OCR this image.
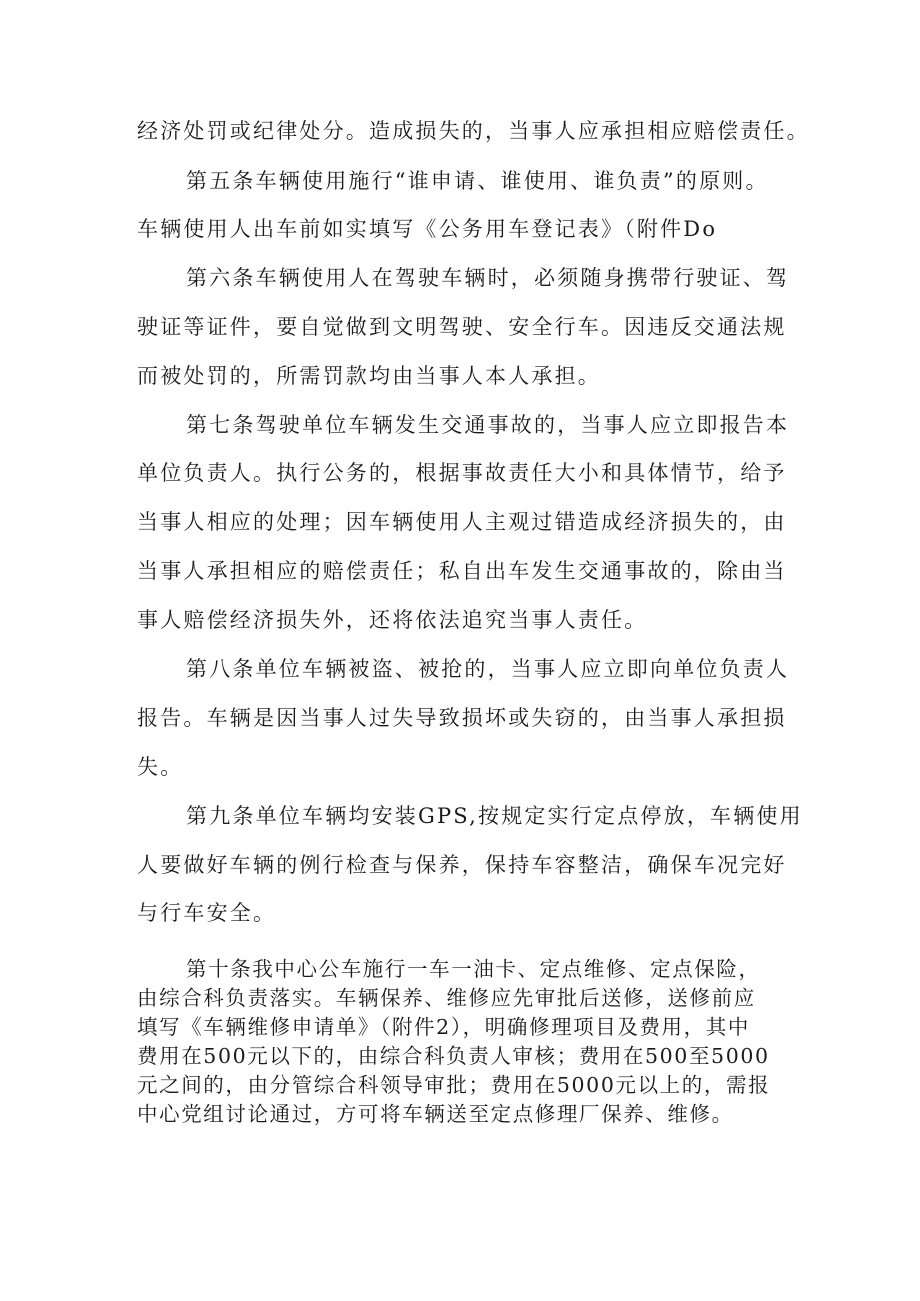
经济处罚或纪律处分。造成损失的，当事人应承担相应赔偿责任。
第五条车辆使用施行“谁申请、谁使用、谁负责”的原则。
车辆使用人出车前如实填写《公务用车登记表》（附件Do
第六条车辆使用人在驾驶车辆时，必须随身携带行驶证、驾
驶证等证件，要自觉做到文明驾驶、安全行车。因违反交通法规
而被处罚的，所需罚款均由当事人本人承担。
第七条驾驶单位车辆发生交通事故的，当事人应立即报告本
单位负责人。执行公务的，根据事故责任大小和具体情节，给予
当事人相应的处理；因车辆使用人主观过错造成经济损失的，由
当事人承担相应的赔偿责任；私自出车发生交通事故的，除由当
事人赔偿经济损失外，还将依法追究当事人责任。
第八条单位车辆被盗、被抢的，当事人应立即向单位负责人
报告。车辆是因当事人过失导致损坏或失窃的，由当事人承担损
失。
第九条单位车辆均安装GPS,按规定实行定点停放，车辆使用
人要做好车辆的例行检查与保养，保持车容整洁，确保车况完好
与行车安全。
第十条我中心公车施行一车一油卡、定点维修、定点保险，
由综合科负责落实。车辆保养、维修应先审批后送修，送修前应
填写《车辆维修申请单》（附件2），明确修理项目及费用，其中
费用在500元以下的，由综合科负责人审核；费用在500至5000
元之间的，由分管综合科领导审批；费用在5000元以上的，需报
中心党组讨论通过，方可将车辆送至定点修理厂保养、维修。
